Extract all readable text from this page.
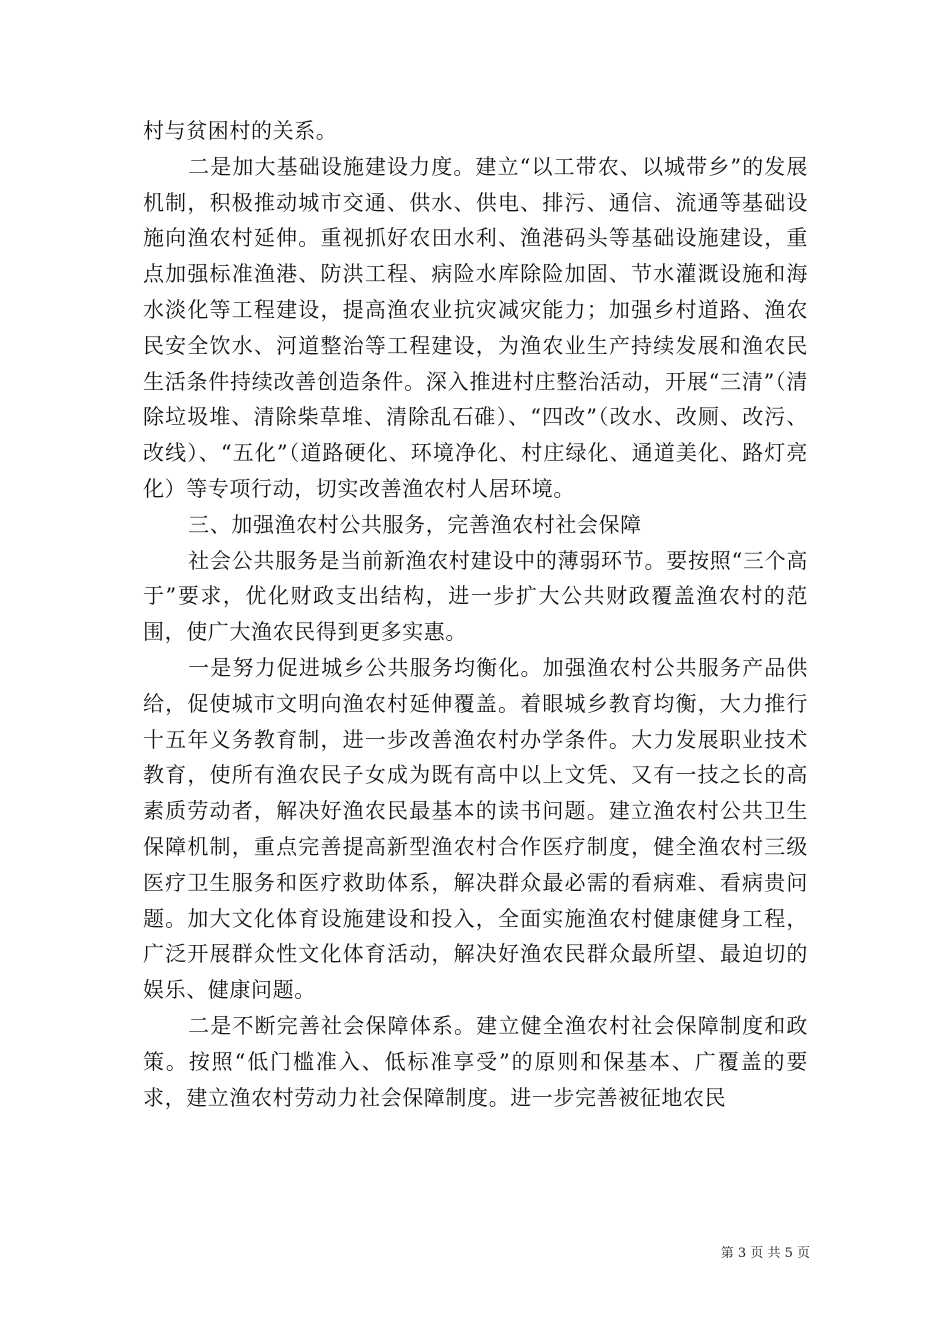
村与贫困村的关系。

二是加大基础设施建设力度。建立“以工带农、以城带乡”的发展机制，积极推动城市交通、供水、供电、排污、通信、流通等基础设施向渔农村延伸。重视抓好农田水利、渔港码头等基础设施建设，重点加强标准渔港、防洪工程、病险水库除险加固、节水灌溉设施和海水淡化等工程建设，提高渔农业抗灾减灾能力；加强乡村道路、渔农民安全饮水、河道整治等工程建设，为渔农业生产持续发展和渔农民生活条件持续改善创造条件。深入推进村庄整治活动，开展“三清”（清除垃圾堆、清除柴草堆、清除乱石碓）、“四改”（改水、改厕、改污、改线）、“五化”（道路硬化、环境净化、村庄绿化、通道美化、路灯亮化）等专项行动，切实改善渔农村人居环境。

三、加强渔农村公共服务，完善渔农村社会保障

社会公共服务是当前新渔农村建设中的薄弱环节。要按照“三个高于”要求，优化财政支出结构，进一步扩大公共财政覆盖渔农村的范围，使广大渔农民得到更多实惠。

一是努力促进城乡公共服务均衡化。加强渔农村公共服务产品供给，促使城市文明向渔农村延伸覆盖。着眼城乡教育均衡，大力推行十五年义务教育制，进一步改善渔农村办学条件。大力发展职业技术教育，使所有渔农民子女成为既有高中以上文凭、又有一技之长的高素质劳动者，解决好渔农民最基本的读书问题。建立渔农村公共卫生保障机制，重点完善提高新型渔农村合作医疗制度，健全渔农村三级医疗卫生服务和医疗救助体系，解决群众最必需的看病难、看病贵问题。加大文化体育设施建设和投入，全面实施渔农村健康健身工程，广泛开展群众性文化体育活动，解决好渔农民群众最所望、最迫切的娱乐、健康问题。

二是不断完善社会保障体系。建立健全渔农村社会保障制度和政策。按照“低门槛准入、低标准享受”的原则和保基本、广覆盖的要求，建立渔农村劳动力社会保障制度。进一步完善被征地农民

第 3 页 共 5 页
